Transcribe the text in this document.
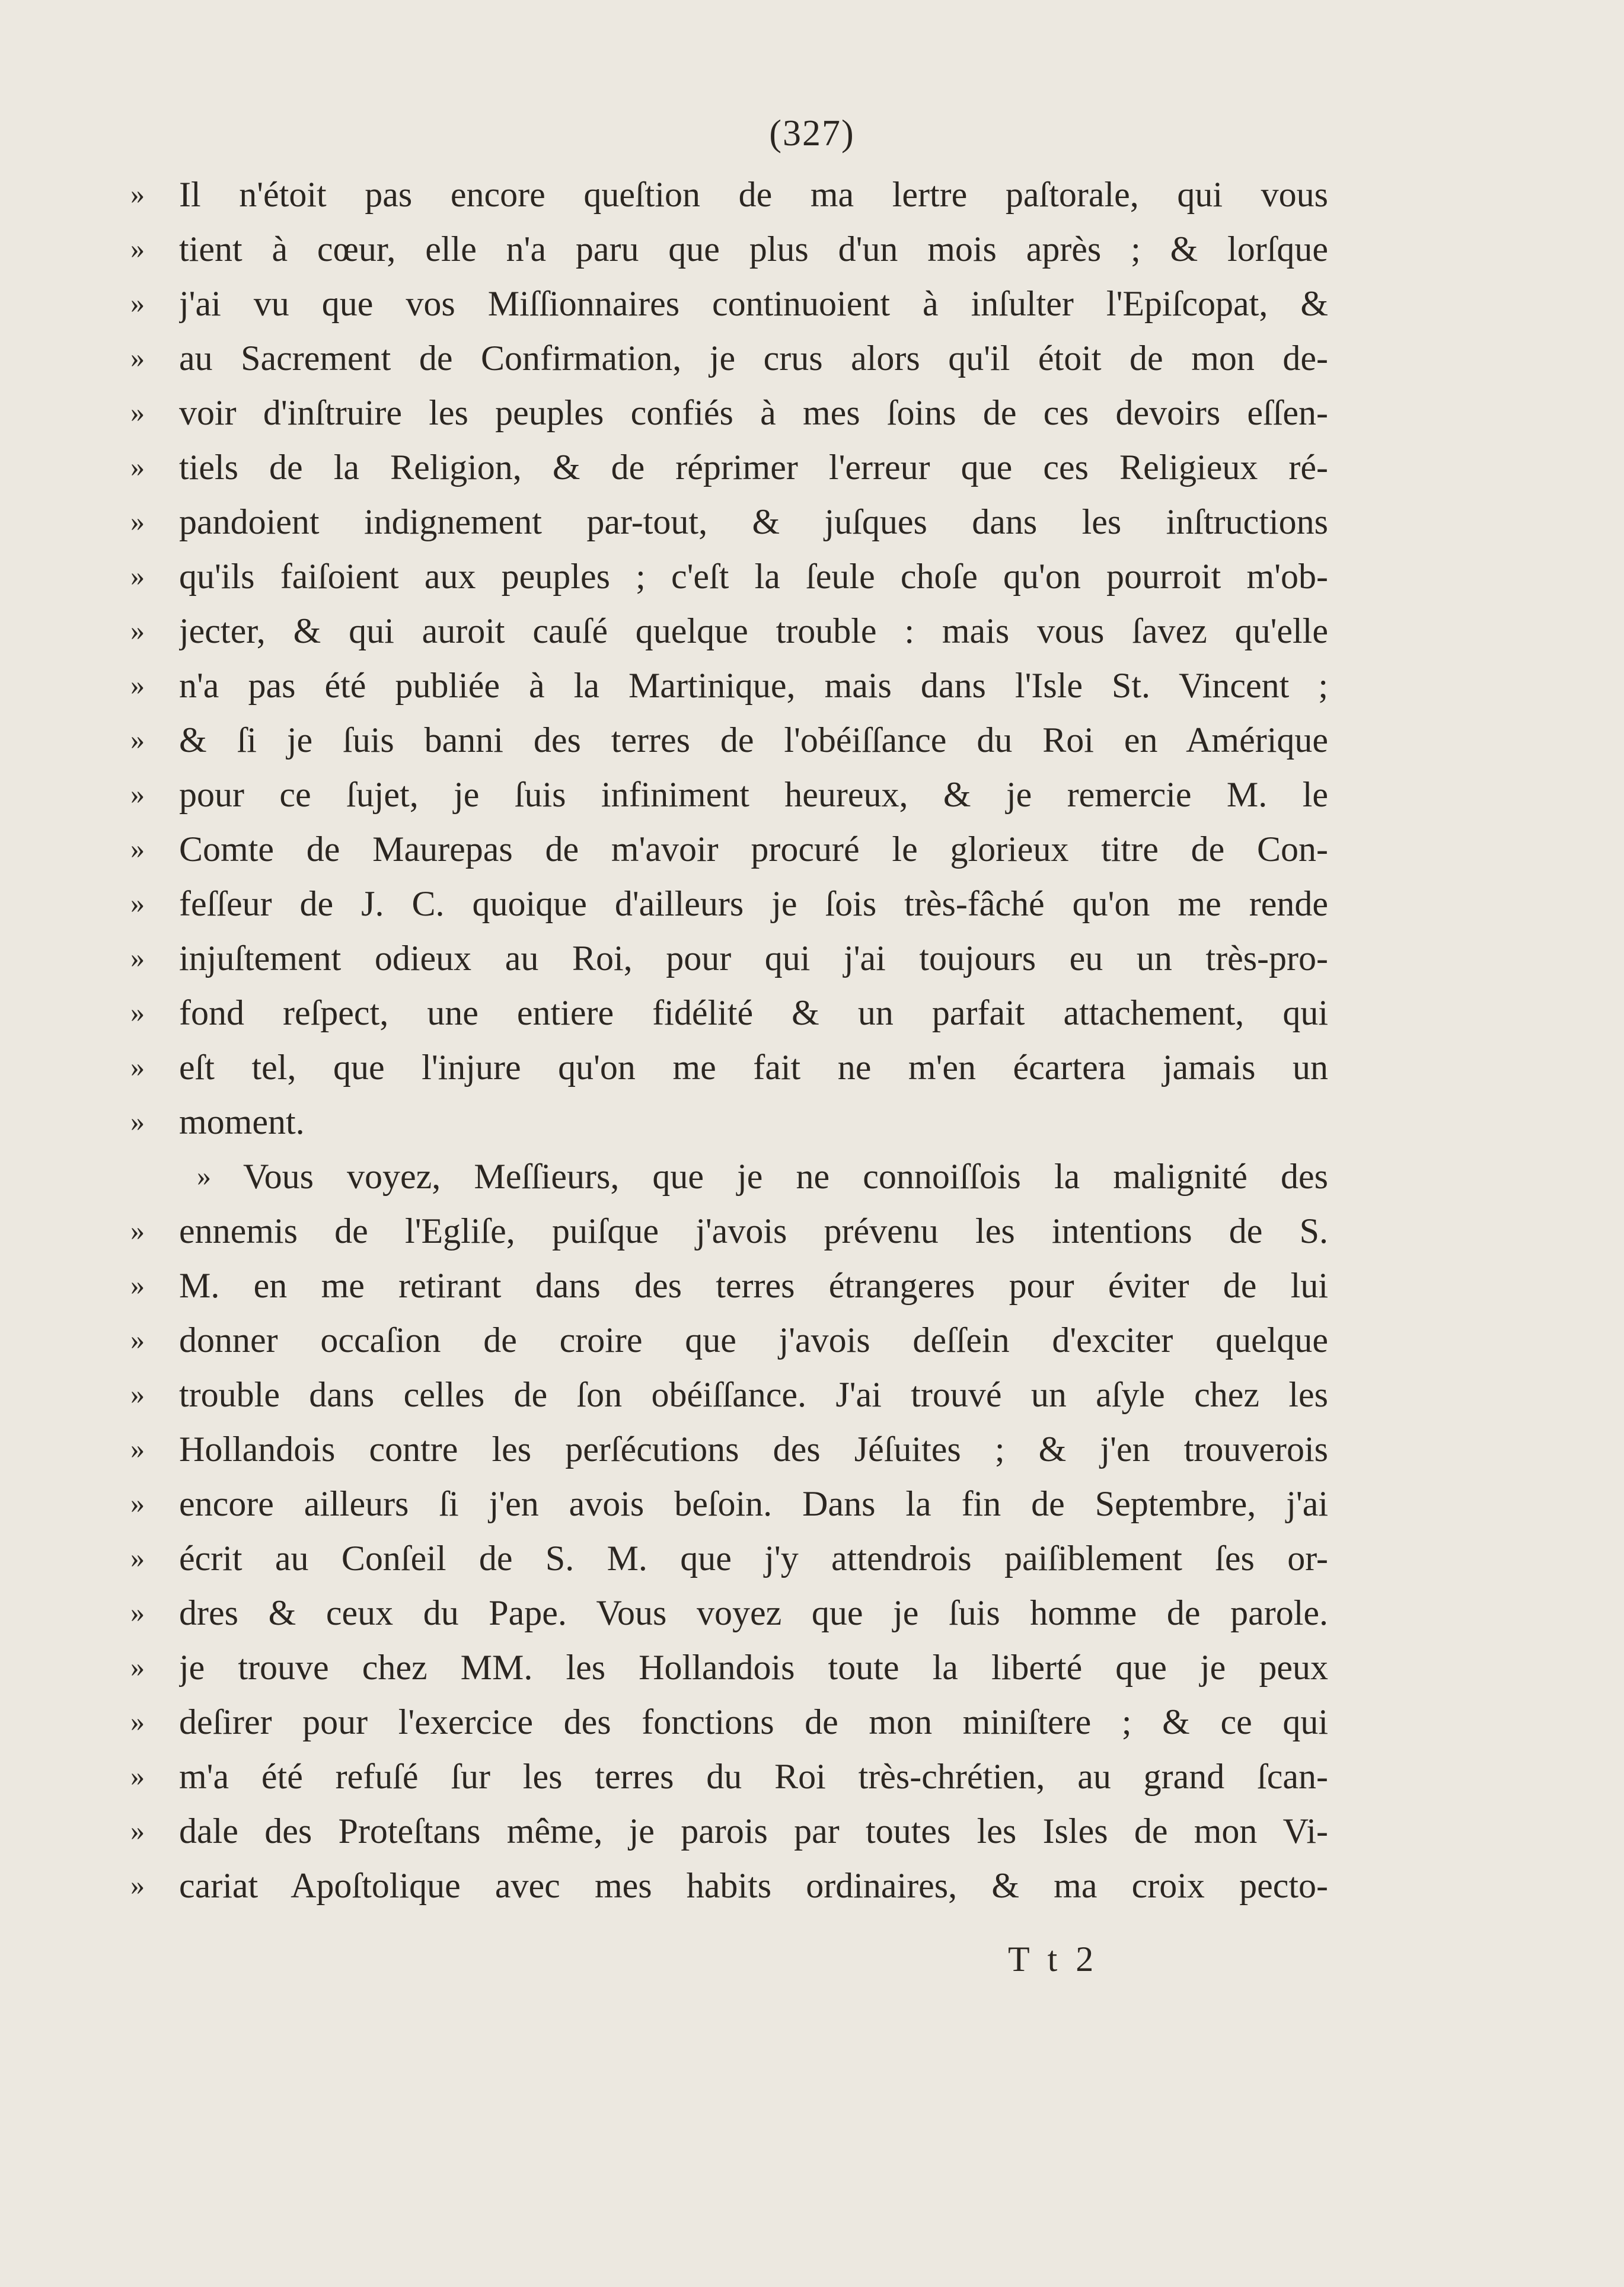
(327)
» Il n'étoit pas encore queſtion de ma lertre paſtorale, qui vous
» tient à cœur, elle n'a paru que plus d'un mois après ; & lorſque
» j'ai vu que vos Miſſionnaires continuoient à inſulter l'Epiſcopat, &
» au Sacrement de Confirmation, je crus alors qu'il étoit de mon de-
» voir d'inſtruire les peuples confiés à mes ſoins de ces devoirs eſſen-
» tiels de la Religion, & de réprimer l'erreur que ces Religieux ré-
» pandoient indignement par-tout, & juſques dans les inſtructions
» qu'ils faiſoient aux peuples ; c'eſt la ſeule choſe qu'on pourroit m'ob-
» jecter, & qui auroit cauſé quelque trouble : mais vous ſavez qu'elle
» n'a pas été publiée à la Martinique, mais dans l'Isle St. Vincent ;
» & ſi je ſuis banni des terres de l'obéiſſance du Roi en Amérique
» pour ce ſujet, je ſuis infiniment heureux, & je remercie M. le
» Comte de Maurepas de m'avoir procuré le glorieux titre de Con-
» feſſeur de J. C. quoique d'ailleurs je ſois très-fâché qu'on me rende
» injuſtement odieux au Roi, pour qui j'ai toujours eu un très-pro-
» fond reſpect, une entiere fidélité & un parfait attachement, qui
» eſt tel, que l'injure qu'on me fait ne m'en écartera jamais un
» moment.
» Vous voyez, Meſſieurs, que je ne connoiſſois la malignité des
» ennemis de l'Egliſe, puiſque j'avois prévenu les intentions de S.
» M. en me retirant dans des terres étrangeres pour éviter de lui
» donner occaſion de croire que j'avois deſſein d'exciter quelque
» trouble dans celles de ſon obéiſſance. J'ai trouvé un aſyle chez les
» Hollandois contre les perſécutions des Jéſuites ; & j'en trouverois
» encore ailleurs ſi j'en avois beſoin. Dans la fin de Septembre, j'ai
» écrit au Conſeil de S. M. que j'y attendrois paiſiblement ſes or-
» dres & ceux du Pape. Vous voyez que je ſuis homme de parole.
» je trouve chez MM. les Hollandois toute la liberté que je peux
» deſirer pour l'exercice des fonctions de mon miniſtere ; & ce qui
» m'a été refuſé ſur les terres du Roi très-chrétien, au grand ſcan-
» dale des Proteſtans même, je parois par toutes les Isles de mon Vi-
» cariat Apoſtolique avec mes habits ordinaires, & ma croix pecto-
T t 2
